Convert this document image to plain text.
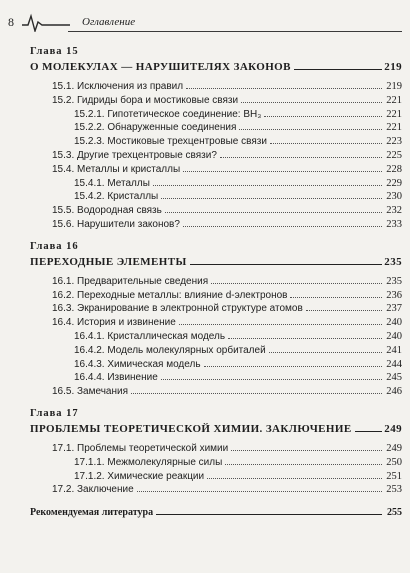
8	Оглавление
Глава 15
О МОЛЕКУЛАХ — НАРУШИТЕЛЯХ ЗАКОНОВ	219
15.1. Исключения из правил	219
15.2. Гидриды бора и мостиковые связи	221
15.2.1. Гипотетическое соединение: BH₃	221
15.2.2. Обнаруженные соединения	221
15.2.3. Мостиковые трехцентровые связи	223
15.3. Другие трехцентровые связи?	225
15.4. Металлы и кристаллы	228
15.4.1. Металлы	229
15.4.2. Кристаллы	230
15.5. Водородная связь	232
15.6. Нарушители законов?	233
Глава 16
ПЕРЕХОДНЫЕ ЭЛЕМЕНТЫ	235
16.1. Предварительные сведения	235
16.2. Переходные металлы: влияние d-электронов	236
16.3. Экранирование в электронной структуре атомов	237
16.4. История и извинение	240
16.4.1. Кристаллическая модель	240
16.4.2. Модель молекулярных орбиталей	241
16.4.3. Химическая модель	244
16.4.4. Извинение	245
16.5. Замечания	246
Глава 17
ПРОБЛЕМЫ ТЕОРЕТИЧЕСКОЙ ХИМИИ. ЗАКЛЮЧЕНИЕ	249
17.1. Проблемы теоретической химии	249
17.1.1. Межмолекулярные силы	250
17.1.2. Химические реакции	251
17.2. Заключение	253
Рекомендуемая литература	255
